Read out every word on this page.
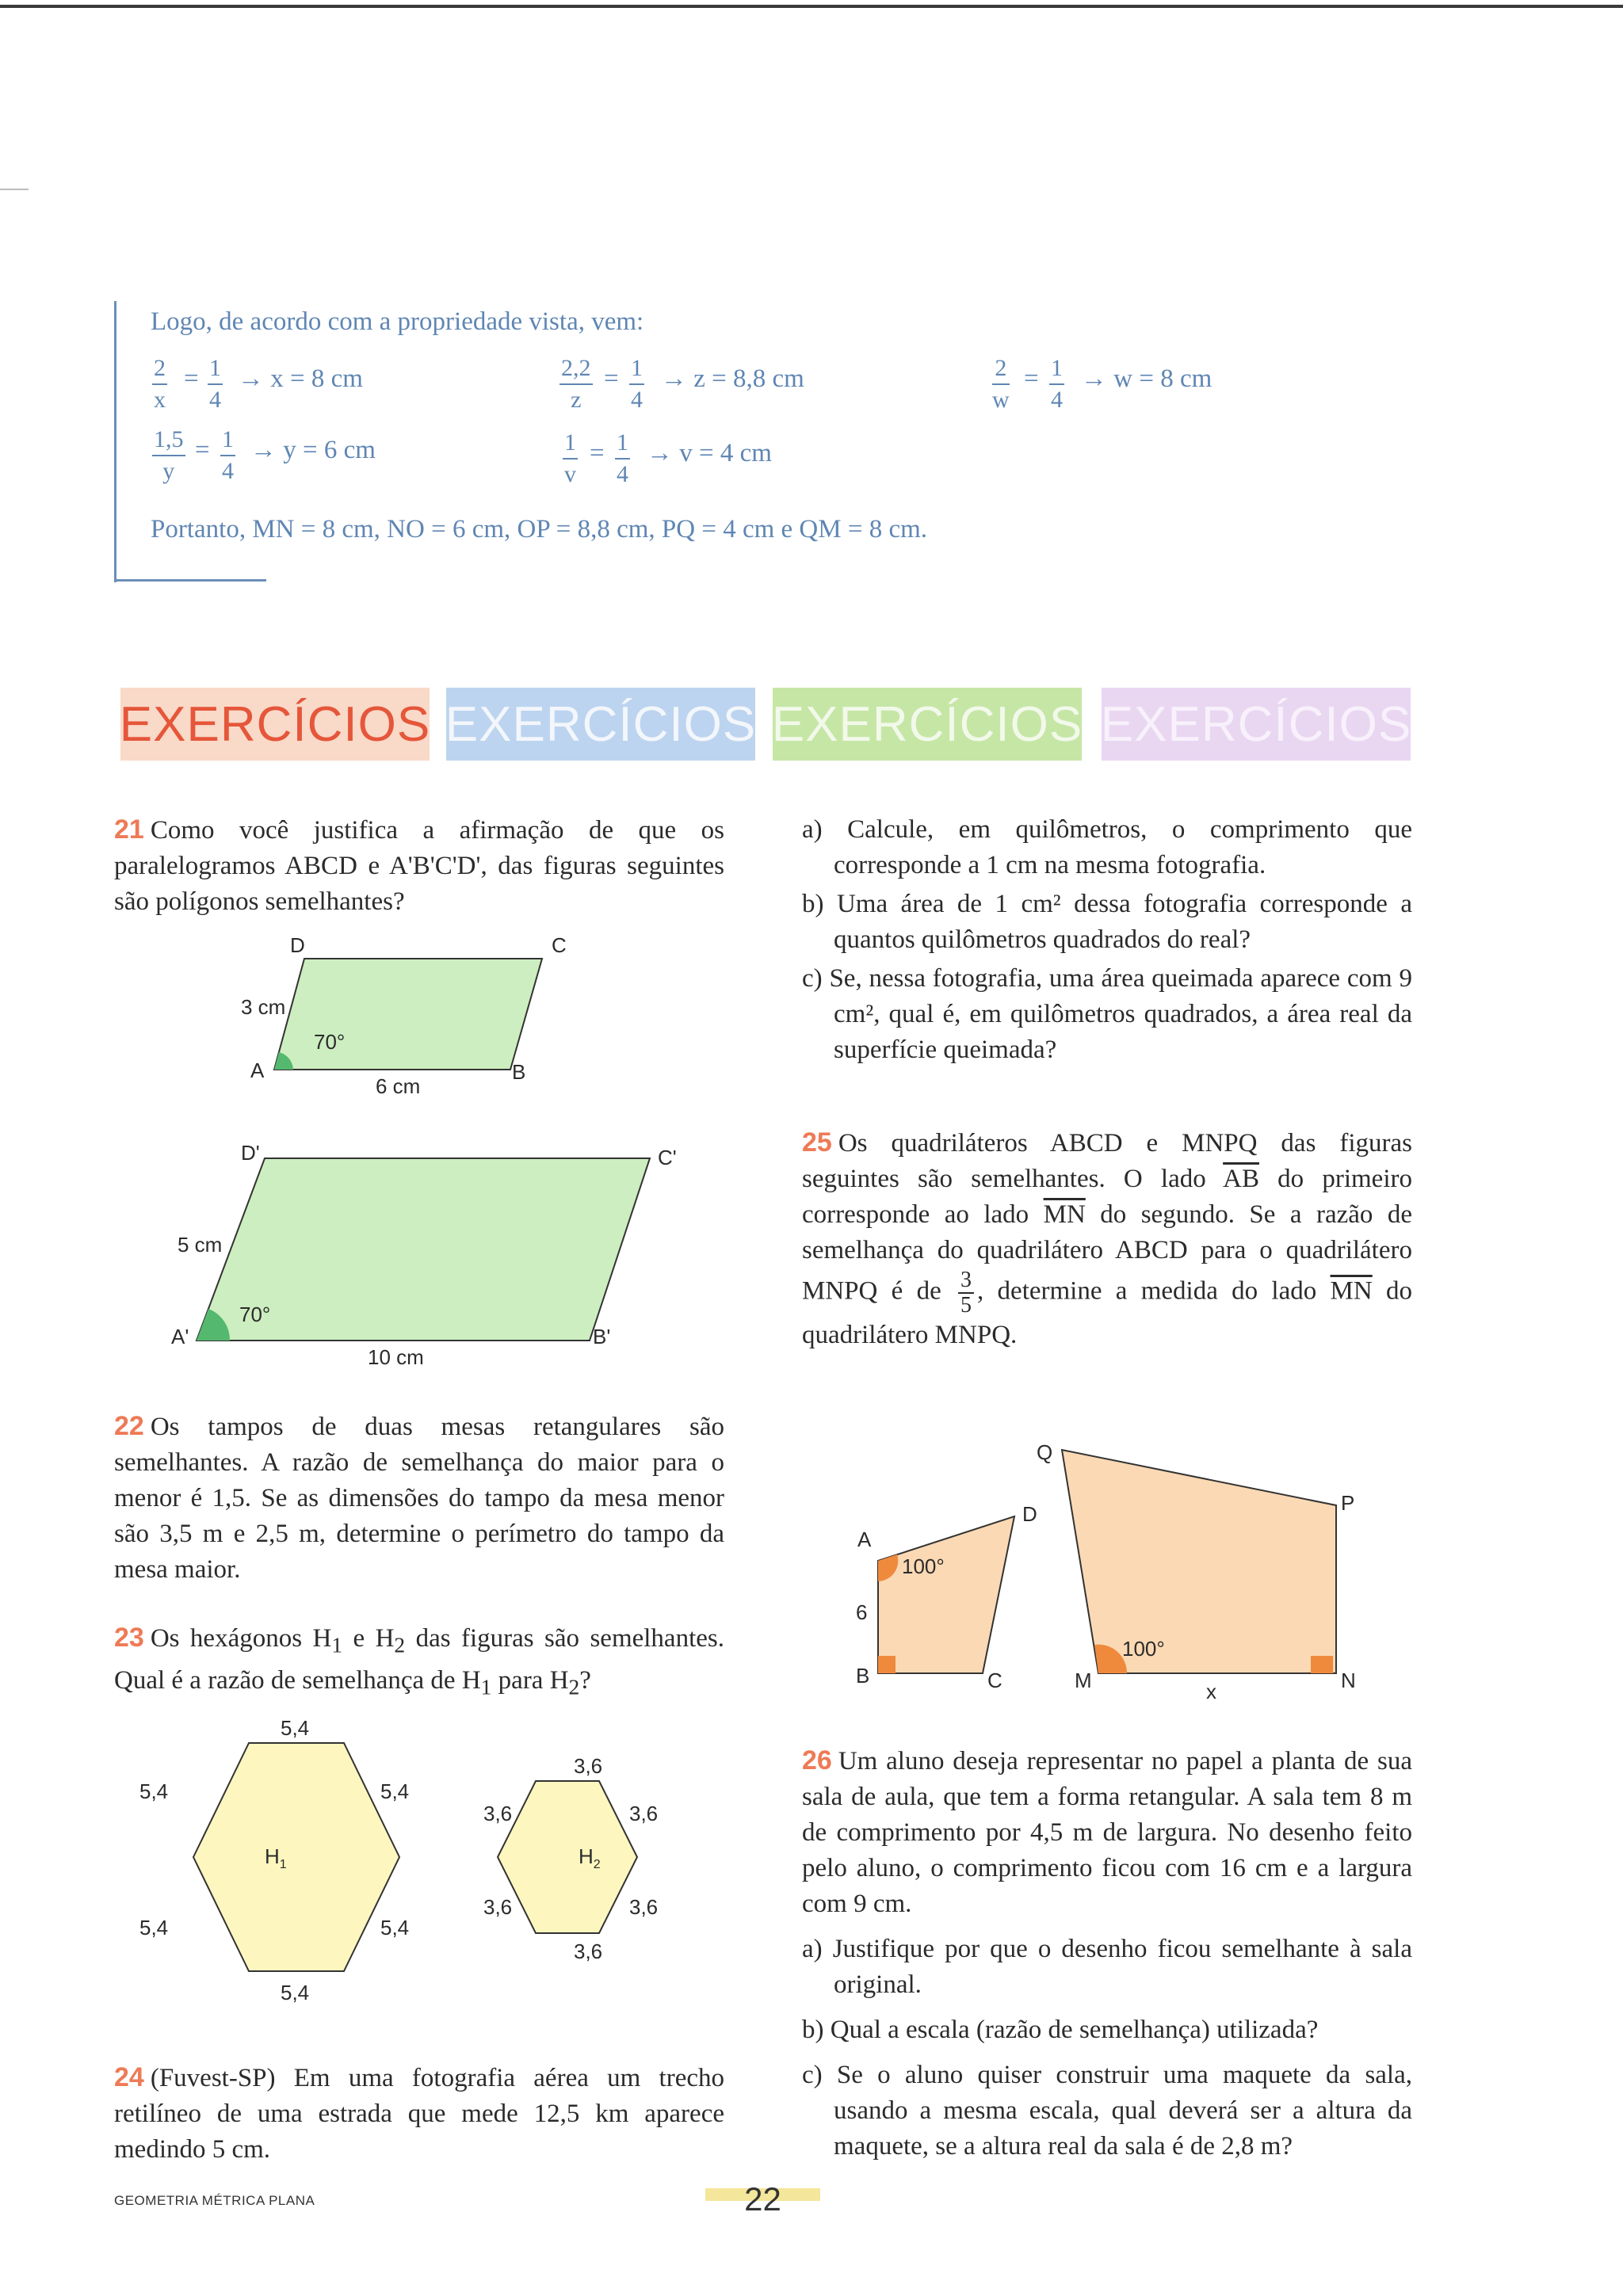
Logo, de acordo com a propriedade vista, vem:
$\frac{2}{x} = \frac{1}{4} \to x = 8$ cm	$\frac{2,2}{z} = \frac{1}{4} \to z = 8,8$ cm	$\frac{2}{w} = \frac{1}{4} \to w = 8$ cm
$\frac{1,5}{y} = \frac{1}{4} \to y = 6$ cm	$\frac{1}{v} = \frac{1}{4} \to v = 4$ cm
Portanto, MN = 8 cm, NO = 6 cm, OP = 8,8 cm, PQ = 4 cm e QM = 8 cm.
EXERCÍCIOS EXERCÍCIOS EXERCÍCIOS EXERCÍCIOS
21 Como você justifica a afirmação de que os paralelogramos ABCD e A'B'C'D', das figuras seguintes são polígonos semelhantes?
D	C
A	B
3 cm
6 cm
70°
D'	C'
A'	B'
5 cm
10 cm
70°
22 Os tampos de duas mesas retangulares são semelhantes. A razão de semelhança do maior para o menor é 1,5. Se as dimensões do tampo da mesa menor são 3,5 m e 2,5 m, determine o perímetro do tampo da mesa maior.
23 Os hexágonos $H_1$ e $H_2$ das figuras são semelhantes. Qual é a razão de semelhança de $H_1$ para $H_2$?
5,4
5,4	5,4
5,4	5,4
5,4
$H_1$
3,6
3,6	3,6
3,6	3,6
3,6
$H_2$
24 (Fuvest-SP) Em uma fotografia aérea um trecho retilíneo de uma estrada que mede 12,5 km aparece medindo 5 cm.
a) Calcule, em quilômetros, o comprimento que corresponde a 1 cm na mesma fotografia.
b) Uma área de 1 cm² dessa fotografia corresponde a quantos quilômetros quadrados do real?
c) Se, nessa fotografia, uma área queimada aparece com 9 cm², qual é, em quilômetros quadrados, a área real da superfície queimada?
25 Os quadriláteros ABCD e MNPQ das figuras seguintes são semelhantes. O lado $\overline{AB}$ do primeiro corresponde ao lado $\overline{MN}$ do segundo. Se a razão de semelhança do quadrilátero ABCD para o quadrilátero MNPQ é de $\frac{3}{5}$ , determine a medida do lado $\overline{MN}$ do quadrilátero MNPQ.
A
B	C
D
6
100°
Q
P
M	N
x
100°
26 Um aluno deseja representar no papel a planta de sua sala de aula, que tem a forma retangular. A sala tem 8 m de comprimento por 4,5 m de largura. No desenho feito pelo aluno, o comprimento ficou com 16 cm e a largura com 9 cm.
a) Justifique por que o desenho ficou semelhante à sala original.
b) Qual a escala (razão de semelhança) utilizada?
c) Se o aluno quiser construir uma maquete da sala, usando a mesma escala, qual deverá ser a altura da maquete, se a altura real da sala é de 2,8 m?
GEOMETRIA MÉTRICA PLANA	22
